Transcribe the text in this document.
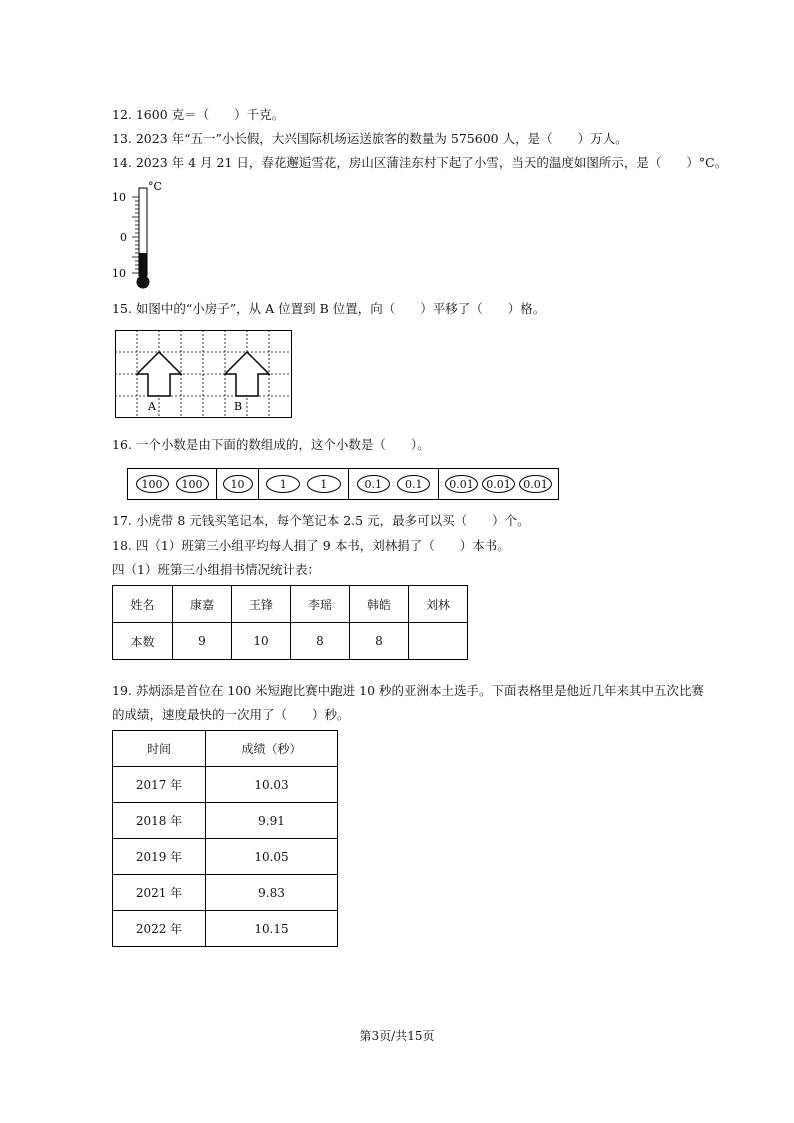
12. 1600 克＝（　　）千克。
13. 2023 年“五一”小长假，大兴国际机场运送旅客的数量为 575600 人，是（　　）万人。
14. 2023 年 4 月 21 日，春花邂逅雪花，房山区蒲洼东村下起了小雪，当天的温度如图所示，是（　　）°C。
°C
10
0
10
15. 如图中的“小房子”，从 A 位置到 B 位置，向（　　）平移了（　　）格。
A	B
16. 一个小数是由下面的数组成的，这个小数是（　　）。
100	100	10	1	1	0.1	0.1	0.01	0.01	0.01
17. 小虎带 8 元钱买笔记本，每个笔记本 2.5 元，最多可以买（　　）个。
18. 四（1）班第三小组平均每人捐了 9 本书，刘林捐了（　　）本书。
四（1）班第三小组捐书情况统计表：
姓名	康嘉	王锋	李瑶	韩皓	刘林
本数	9	10	8	8	
19. 苏炳添是首位在 100 米短跑比赛中跑进 10 秒的亚洲本土选手。下面表格里是他近几年来其中五次比赛
的成绩，速度最快的一次用了（　　）秒。
时间	成绩（秒）
2017 年	10.03
2018 年	9.91
2019 年	10.05
2021 年	9.83
2022 年	10.15
第3页/共15页
